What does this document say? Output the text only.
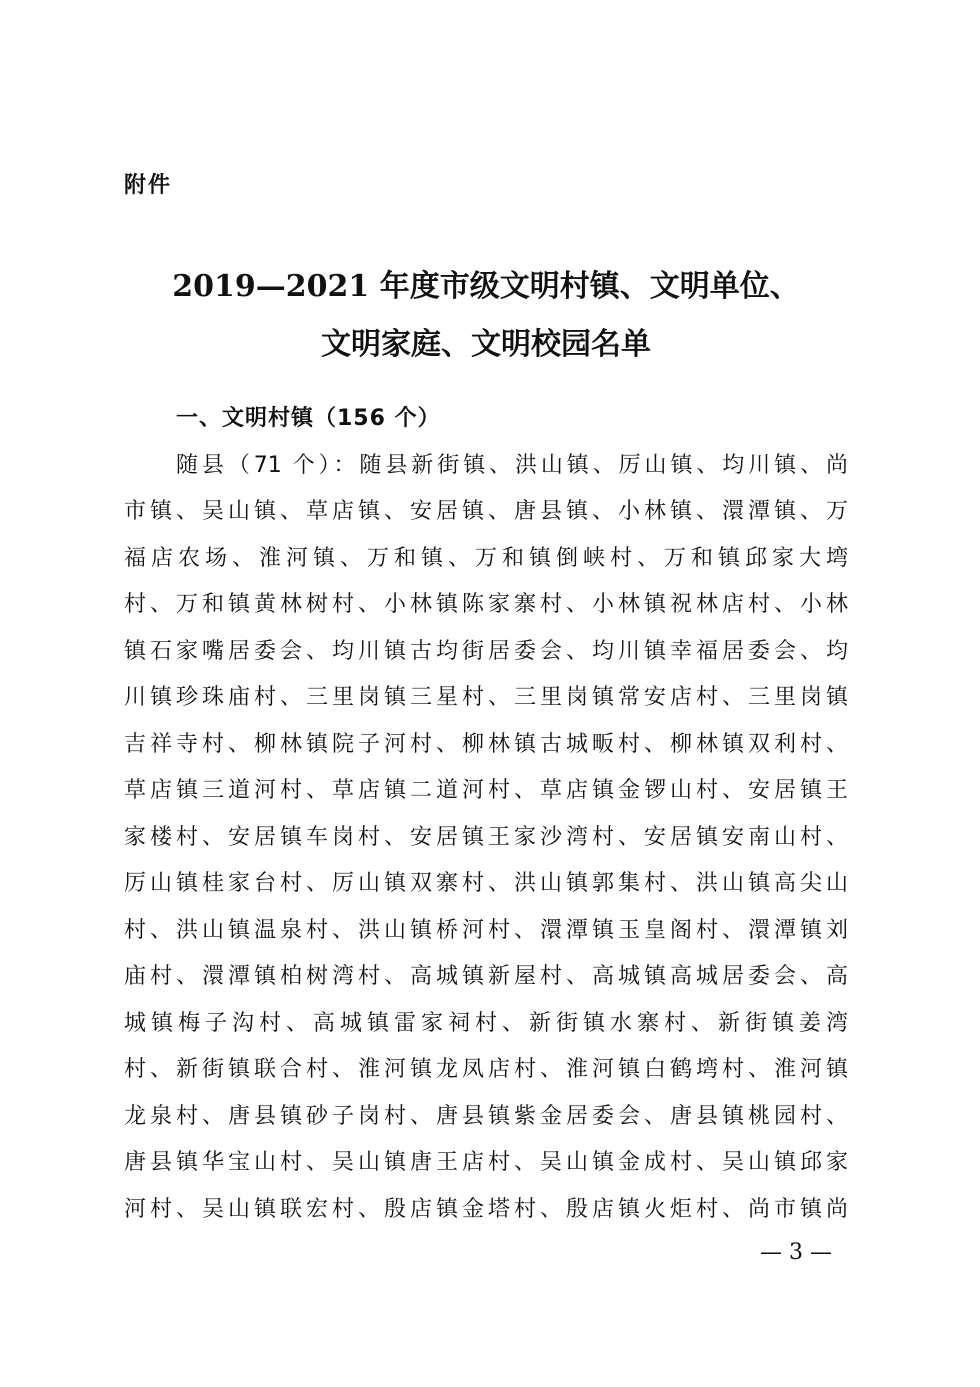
附件
2019—2021 年度市级文明村镇、文明单位、
文明家庭、文明校园名单
一、文明村镇（156 个）
随县（71 个）：随县新街镇、洪山镇、厉山镇、均川镇、尚
市镇、吴山镇、草店镇、安居镇、唐县镇、小林镇、澴潭镇、万
福店农场、淮河镇、万和镇、万和镇倒峡村、万和镇邱家大塆
村、万和镇黄林树村、小林镇陈家寨村、小林镇祝林店村、小林
镇石家嘴居委会、均川镇古均街居委会、均川镇幸福居委会、均
川镇珍珠庙村、三里岗镇三星村、三里岗镇常安店村、三里岗镇
吉祥寺村、柳林镇院子河村、柳林镇古城畈村、柳林镇双利村、
草店镇三道河村、草店镇二道河村、草店镇金锣山村、安居镇王
家楼村、安居镇车岗村、安居镇王家沙湾村、安居镇安南山村、
厉山镇桂家台村、厉山镇双寨村、洪山镇郭集村、洪山镇高尖山
村、洪山镇温泉村、洪山镇桥河村、澴潭镇玉皇阁村、澴潭镇刘
庙村、澴潭镇柏树湾村、高城镇新屋村、高城镇高城居委会、高
城镇梅子沟村、高城镇雷家祠村、新街镇水寨村、新街镇姜湾
村、新街镇联合村、淮河镇龙凤店村、淮河镇白鹤塆村、淮河镇
龙泉村、唐县镇砂子岗村、唐县镇紫金居委会、唐县镇桃园村、
唐县镇华宝山村、吴山镇唐王店村、吴山镇金成村、吴山镇邱家
河村、吴山镇联宏村、殷店镇金塔村、殷店镇火炬村、尚市镇尚
— 3 —
